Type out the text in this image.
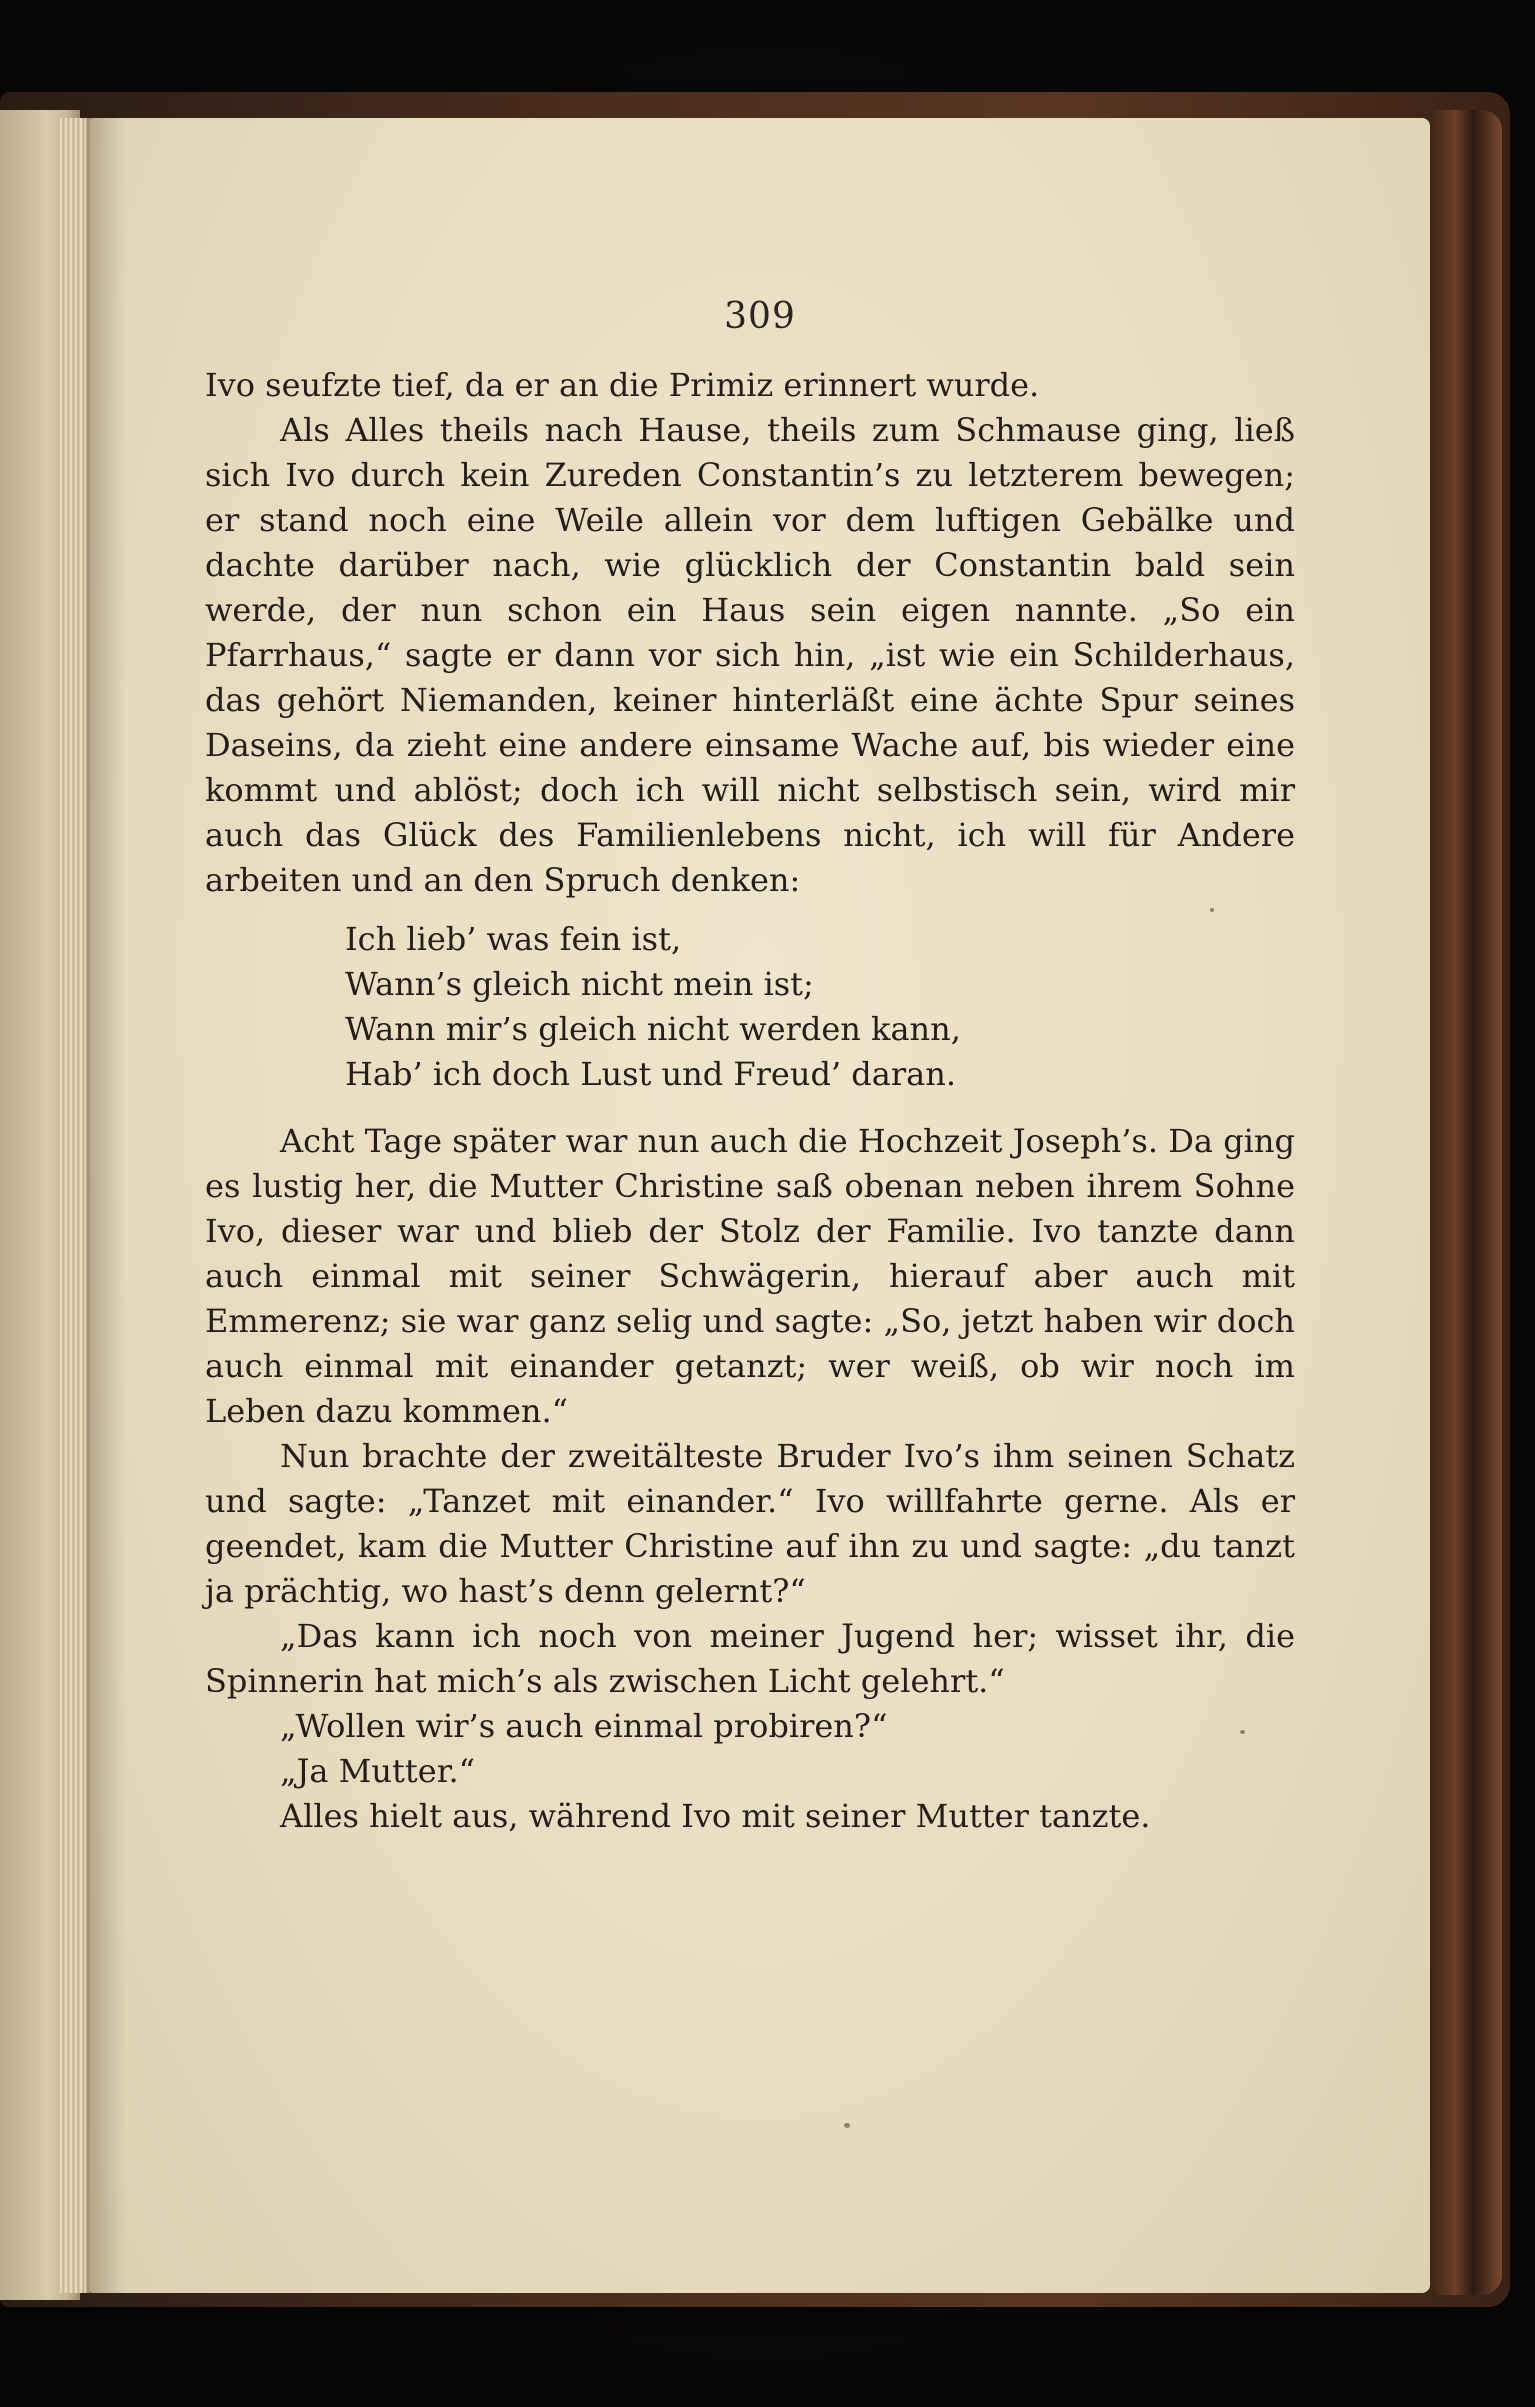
309

Ivo seufzte tief, da er an die Primiz erinnert wurde.

Als Alles theils nach Hause, theils zum Schmause ging, ließ sich Ivo durch kein Zureden Constantin’s zu letzterem bewegen; er stand noch eine Weile allein vor dem luftigen Gebälke und dachte darüber nach, wie glücklich der Constantin bald sein werde, der nun schon ein Haus sein eigen nannte. „So ein Pfarrhaus,“ sagte er dann vor sich hin, „ist wie ein Schilderhaus, das gehört Niemanden, keiner hinterläßt eine ächte Spur seines Daseins, da zieht eine andere einsame Wache auf, bis wieder eine kommt und ablöst; doch ich will nicht selbstisch sein, wird mir auch das Glück des Familienlebens nicht, ich will für Andere arbeiten und an den Spruch denken:

Ich lieb’ was fein ist,
Wann’s gleich nicht mein ist;
Wann mir’s gleich nicht werden kann,
Hab’ ich doch Lust und Freud’ daran.

Acht Tage später war nun auch die Hochzeit Joseph’s. Da ging es lustig her, die Mutter Christine saß obenan neben ihrem Sohne Ivo, dieser war und blieb der Stolz der Familie. Ivo tanzte dann auch einmal mit seiner Schwägerin, hierauf aber auch mit Emmerenz; sie war ganz selig und sagte: „So, jetzt haben wir doch auch einmal mit einander getanzt; wer weiß, ob wir noch im Leben dazu kommen.“

Nun brachte der zweitälteste Bruder Ivo’s ihm seinen Schatz und sagte: „Tanzet mit einander.“ Ivo willfahrte gerne. Als er geendet, kam die Mutter Christine auf ihn zu und sagte: „du tanzt ja prächtig, wo hast’s denn gelernt?“

„Das kann ich noch von meiner Jugend her; wisset ihr, die Spinnerin hat mich’s als zwischen Licht gelehrt.“

„Wollen wir’s auch einmal probiren?“

„Ja Mutter.“

Alles hielt aus, während Ivo mit seiner Mutter tanzte.
